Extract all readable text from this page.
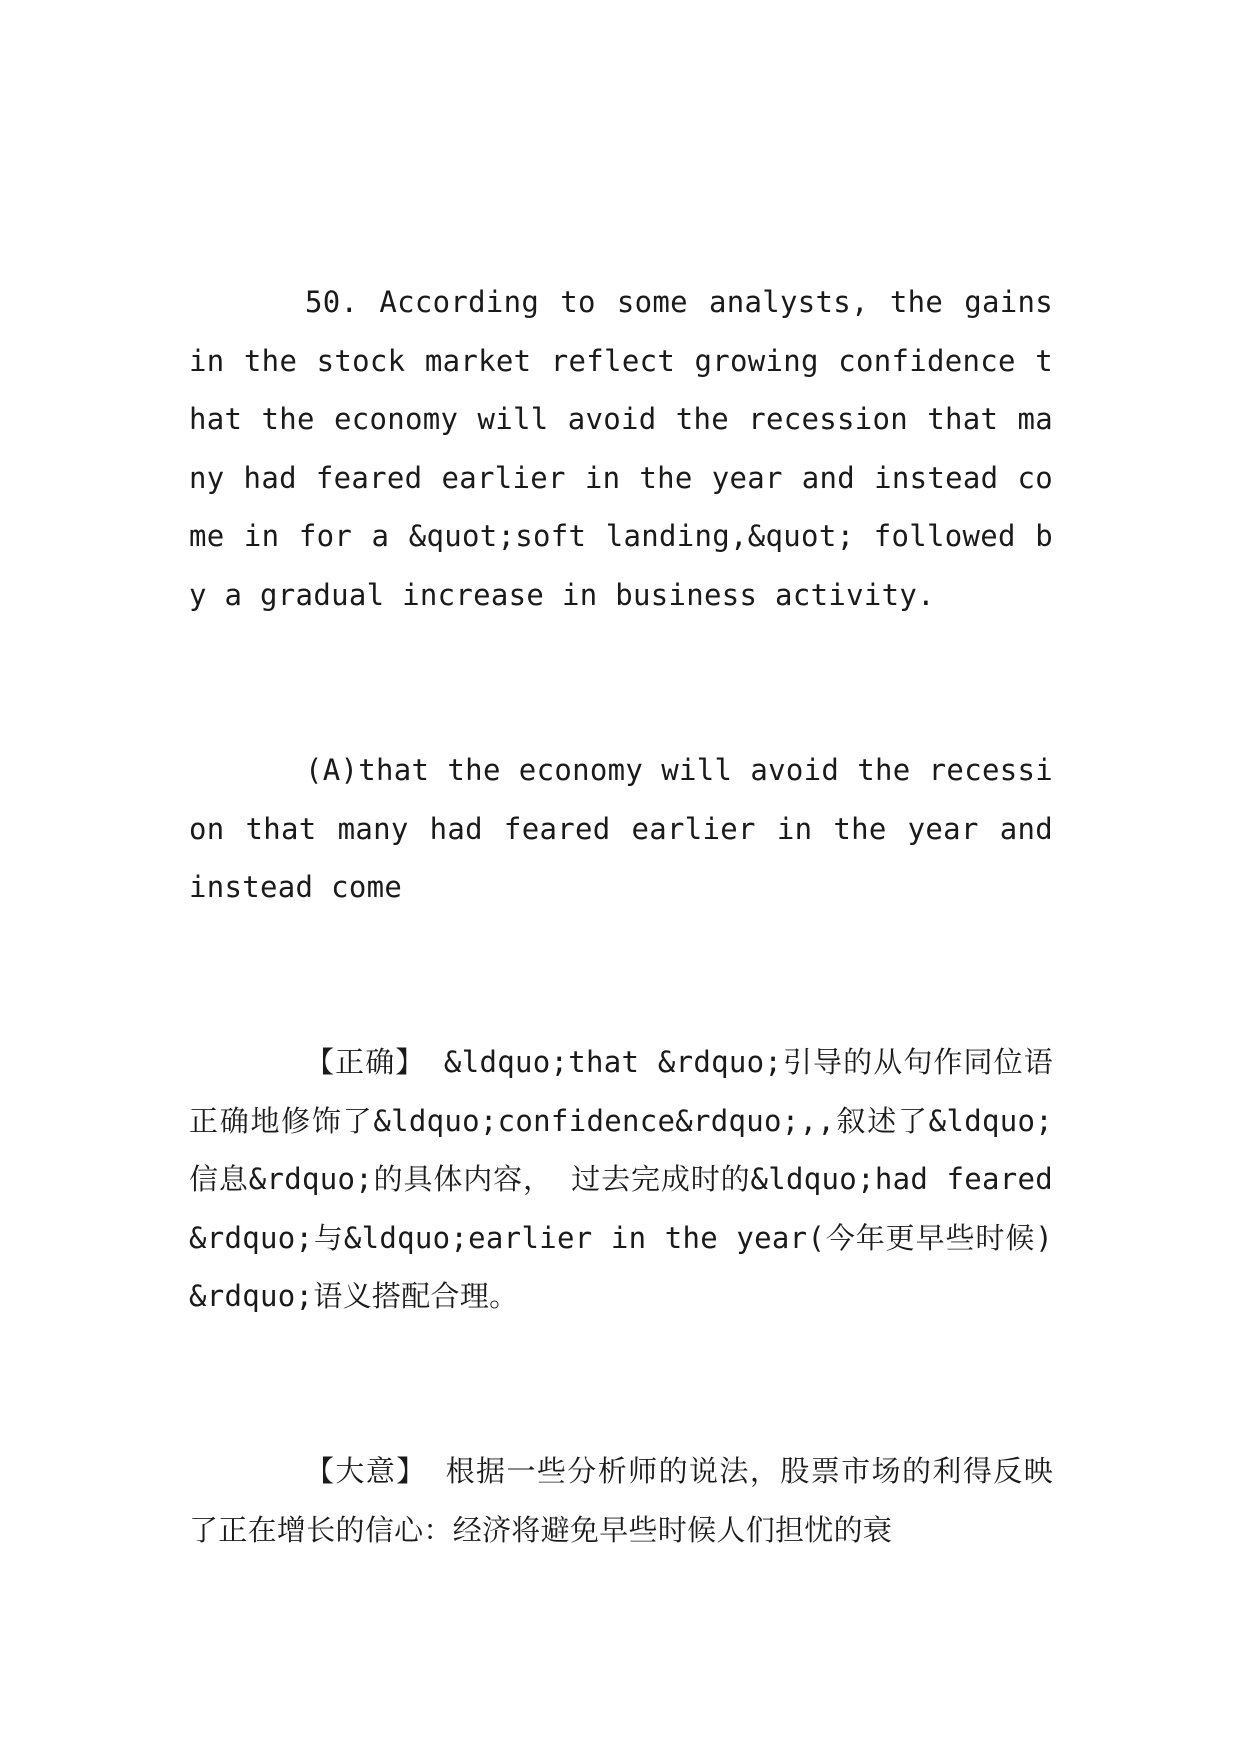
50. According to some analysts, the gains in the stock market reflect growing confidence that the economy will avoid the recession that many had feared earlier in the year and instead come in for a &quot;soft landing,&quot; followed by a gradual increase in business activity.

(A)that the economy will avoid the recession that many had feared earlier in the year and instead come

【正确】 &ldquo;that &rdquo;引导的从句作同位语正确地修饰了&ldquo;confidence&rdquo;,,叙述了&ldquo;信息&rdquo;的具体内容， 过去完成时的&ldquo;had feared&rdquo;与&ldquo;earlier in the year(今年更早些时候)&rdquo;语义搭配合理。

【大意】 根据一些分析师的说法，股票市场的利得反映了正在增长的信心：经济将避免早些时候人们担忧的衰
